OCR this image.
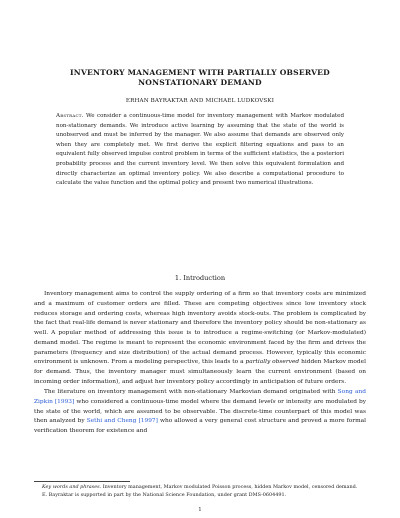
INVENTORY MANAGEMENT WITH PARTIALLY OBSERVED
NONSTATIONARY DEMAND
ERHAN BAYRAKTAR AND MICHAEL LUDKOVSKI
Abstract. We consider a continuous-time model for inventory management with Markov modulated non-stationary demands. We introduce active learning by assuming that the state of the world is unobserved and must be inferred by the manager. We also assume that demands are observed only when they are completely met. We first derive the explicit filtering equations and pass to an equivalent fully observed impulse control problem in terms of the sufficient statistics, the a posteriori probability process and the current inventory level. We then solve this equivalent formulation and directly characterize an optimal inventory policy. We also describe a computational procedure to calculate the value function and the optimal policy and present two numerical illustrations.
1. Introduction

Inventory management aims to control the supply ordering of a firm so that inventory costs are minimized and a maximum of customer orders are filled. These are competing objectives since low inventory stock reduces storage and ordering costs, whereas high inventory avoids stock-outs. The problem is complicated by the fact that real-life demand is never stationary and therefore the inventory policy should be non-stationary as well. A popular method of addressing this issue is to introduce a regime-switching (or Markov-modulated) demand model. The regime is meant to represent the economic environment faced by the firm and drives the parameters (frequency and size distribution) of the actual demand process. However, typically this economic environment is unknown. From a modeling perspective, this leads to a partially observed hidden Markov model for demand. Thus, the inventory manager must simultaneously learn the current environment (based on incoming order information), and adjust her inventory policy accordingly in anticipation of future orders.

The literature on inventory management with non-stationary Markovian demand originated with Song and Zipkin [1993] who considered a continuous-time model where the demand levels or intensity are modulated by the state of the world, which are assumed to be observable. The discrete-time counterpart of this model was then analyzed by Sethi and Cheng [1997] who allowed a very general cost structure and proved a more formal verification theorem for existence and

Key words and phrases. Inventory management, Markov modulated Poisson process, hidden Markov model, censored demand.

E. Bayraktar is supported in part by the National Science Foundation, under grant DMS-0604491.

1
